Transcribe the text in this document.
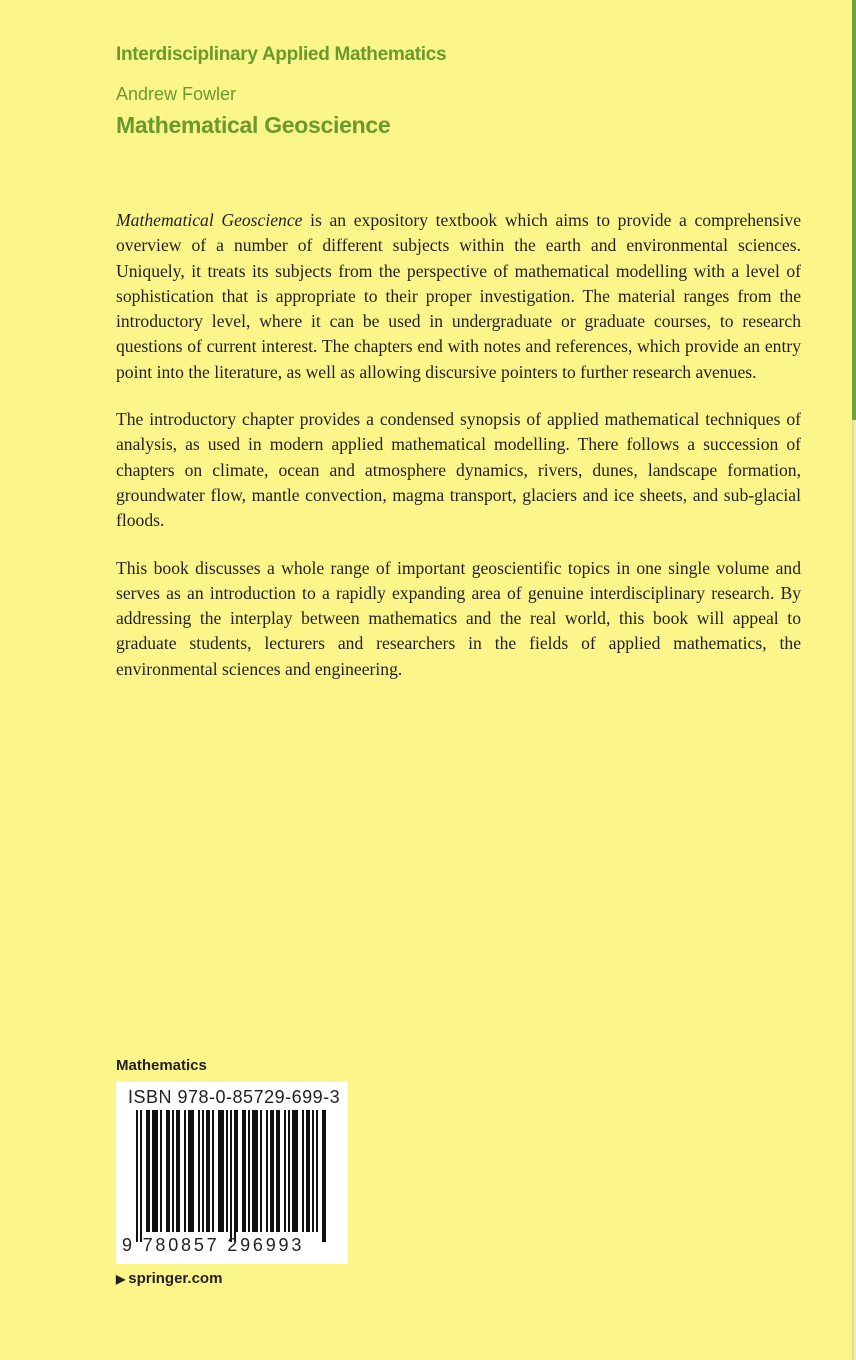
Interdisciplinary Applied Mathematics
Andrew Fowler
Mathematical Geoscience

Mathematical Geoscience is an expository textbook which aims to provide a comprehensive overview of a number of different subjects within the earth and environmental sciences. Uniquely, it treats its subjects from the perspective of mathematical modelling with a level of sophistication that is appropriate to their proper investigation. The material ranges from the introductory level, where it can be used in undergraduate or graduate courses, to research questions of current interest. The chapters end with notes and references, which provide an entry point into the literature, as well as allowing discursive pointers to further research avenues.

The introductory chapter provides a condensed synopsis of applied mathematical techniques of analysis, as used in modern applied mathematical modelling. There follows a succession of chapters on climate, ocean and atmosphere dynamics, rivers, dunes, landscape formation, groundwater flow, mantle convection, magma transport, glaciers and ice sheets, and sub-glacial floods.

This book discusses a whole range of important geoscientific topics in one single volume and serves as an introduction to a rapidly expanding area of genuine interdisciplinary research. By addressing the interplay between mathematics and the real world, this book will appeal to graduate students, lecturers and researchers in the fields of applied mathematics, the environmental sciences and engineering.

Mathematics
ISBN 978-0-85729-699-3
9 780857 296993
▶ springer.com
